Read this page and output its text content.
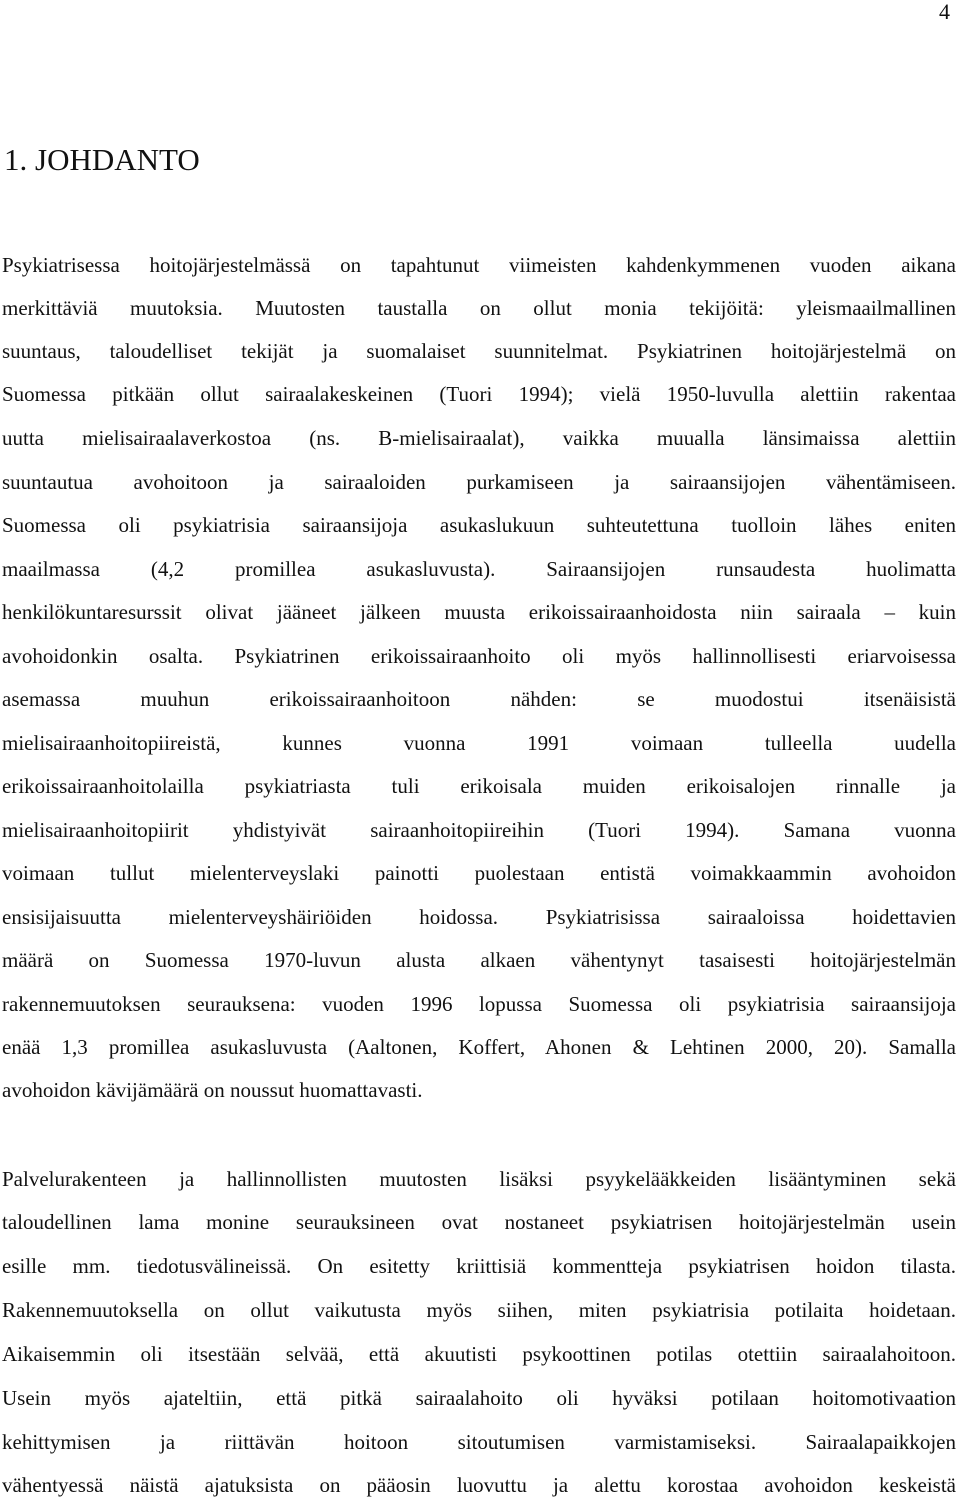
4
1. JOHDANTO
Psykiatrisessa hoitojärjestelmässä on tapahtunut viimeisten kahdenkymmenen vuoden aikana
merkittäviä muutoksia. Muutosten taustalla on ollut monia tekijöitä: yleismaailmallinen
suuntaus, taloudelliset tekijät ja suomalaiset suunnitelmat. Psykiatrinen hoitojärjestelmä on
Suomessa pitkään ollut sairaalakeskeinen (Tuori 1994); vielä 1950-luvulla alettiin rakentaa
uutta mielisairaalaverkostoa (ns. B-mielisairaalat), vaikka muualla länsimaissa alettiin
suuntautua avohoitoon ja sairaaloiden purkamiseen ja sairaansijojen vähentämiseen.
Suomessa oli psykiatrisia sairaansijoja asukaslukuun suhteutettuna tuolloin lähes eniten
maailmassa (4,2 promillea asukasluvusta). Sairaansijojen runsaudesta huolimatta
henkilökuntaresurssit olivat jääneet jälkeen muusta erikoissairaanhoidosta niin sairaala – kuin
avohoidonkin osalta. Psykiatrinen erikoissairaanhoito oli myös hallinnollisesti eriarvoisessa
asemassa muuhun erikoissairaanhoitoon nähden: se muodostui itsenäisistä
mielisairaanhoitopiireistä, kunnes vuonna 1991 voimaan tulleella uudella
erikoissairaanhoitolailla psykiatriasta tuli erikoisala muiden erikoisalojen rinnalle ja
mielisairaanhoitopiirit yhdistyivät sairaanhoitopiireihin (Tuori 1994). Samana vuonna
voimaan tullut mielenterveyslaki painotti puolestaan entistä voimakkaammin avohoidon
ensisijaisuutta mielenterveyshäiriöiden hoidossa. Psykiatrisissa sairaaloissa hoidettavien
määrä on Suomessa 1970-luvun alusta alkaen vähentynyt tasaisesti hoitojärjestelmän
rakennemuutoksen seurauksena: vuoden 1996 lopussa Suomessa oli psykiatrisia sairaansijoja
enää 1,3 promillea asukasluvusta (Aaltonen, Koffert, Ahonen & Lehtinen 2000, 20). Samalla
avohoidon kävijämäärä on noussut huomattavasti.
Palvelurakenteen ja hallinnollisten muutosten lisäksi psyykelääkkeiden lisääntyminen sekä
taloudellinen lama monine seurauksineen ovat nostaneet psykiatrisen hoitojärjestelmän usein
esille mm. tiedotusvälineissä. On esitetty kriittisiä kommentteja psykiatrisen hoidon tilasta.
Rakennemuutoksella on ollut vaikutusta myös siihen, miten psykiatrisia potilaita hoidetaan.
Aikaisemmin oli itsestään selvää, että akuutisti psykoottinen potilas otettiin sairaalahoitoon.
Usein myös ajateltiin, että pitkä sairaalahoito oli hyväksi potilaan hoitomotivaation
kehittymisen ja riittävän hoitoon sitoutumisen varmistamiseksi. Sairaalapaikkojen
vähentyessä näistä ajatuksista on pääosin luovuttu ja alettu korostaa avohoidon keskeistä
